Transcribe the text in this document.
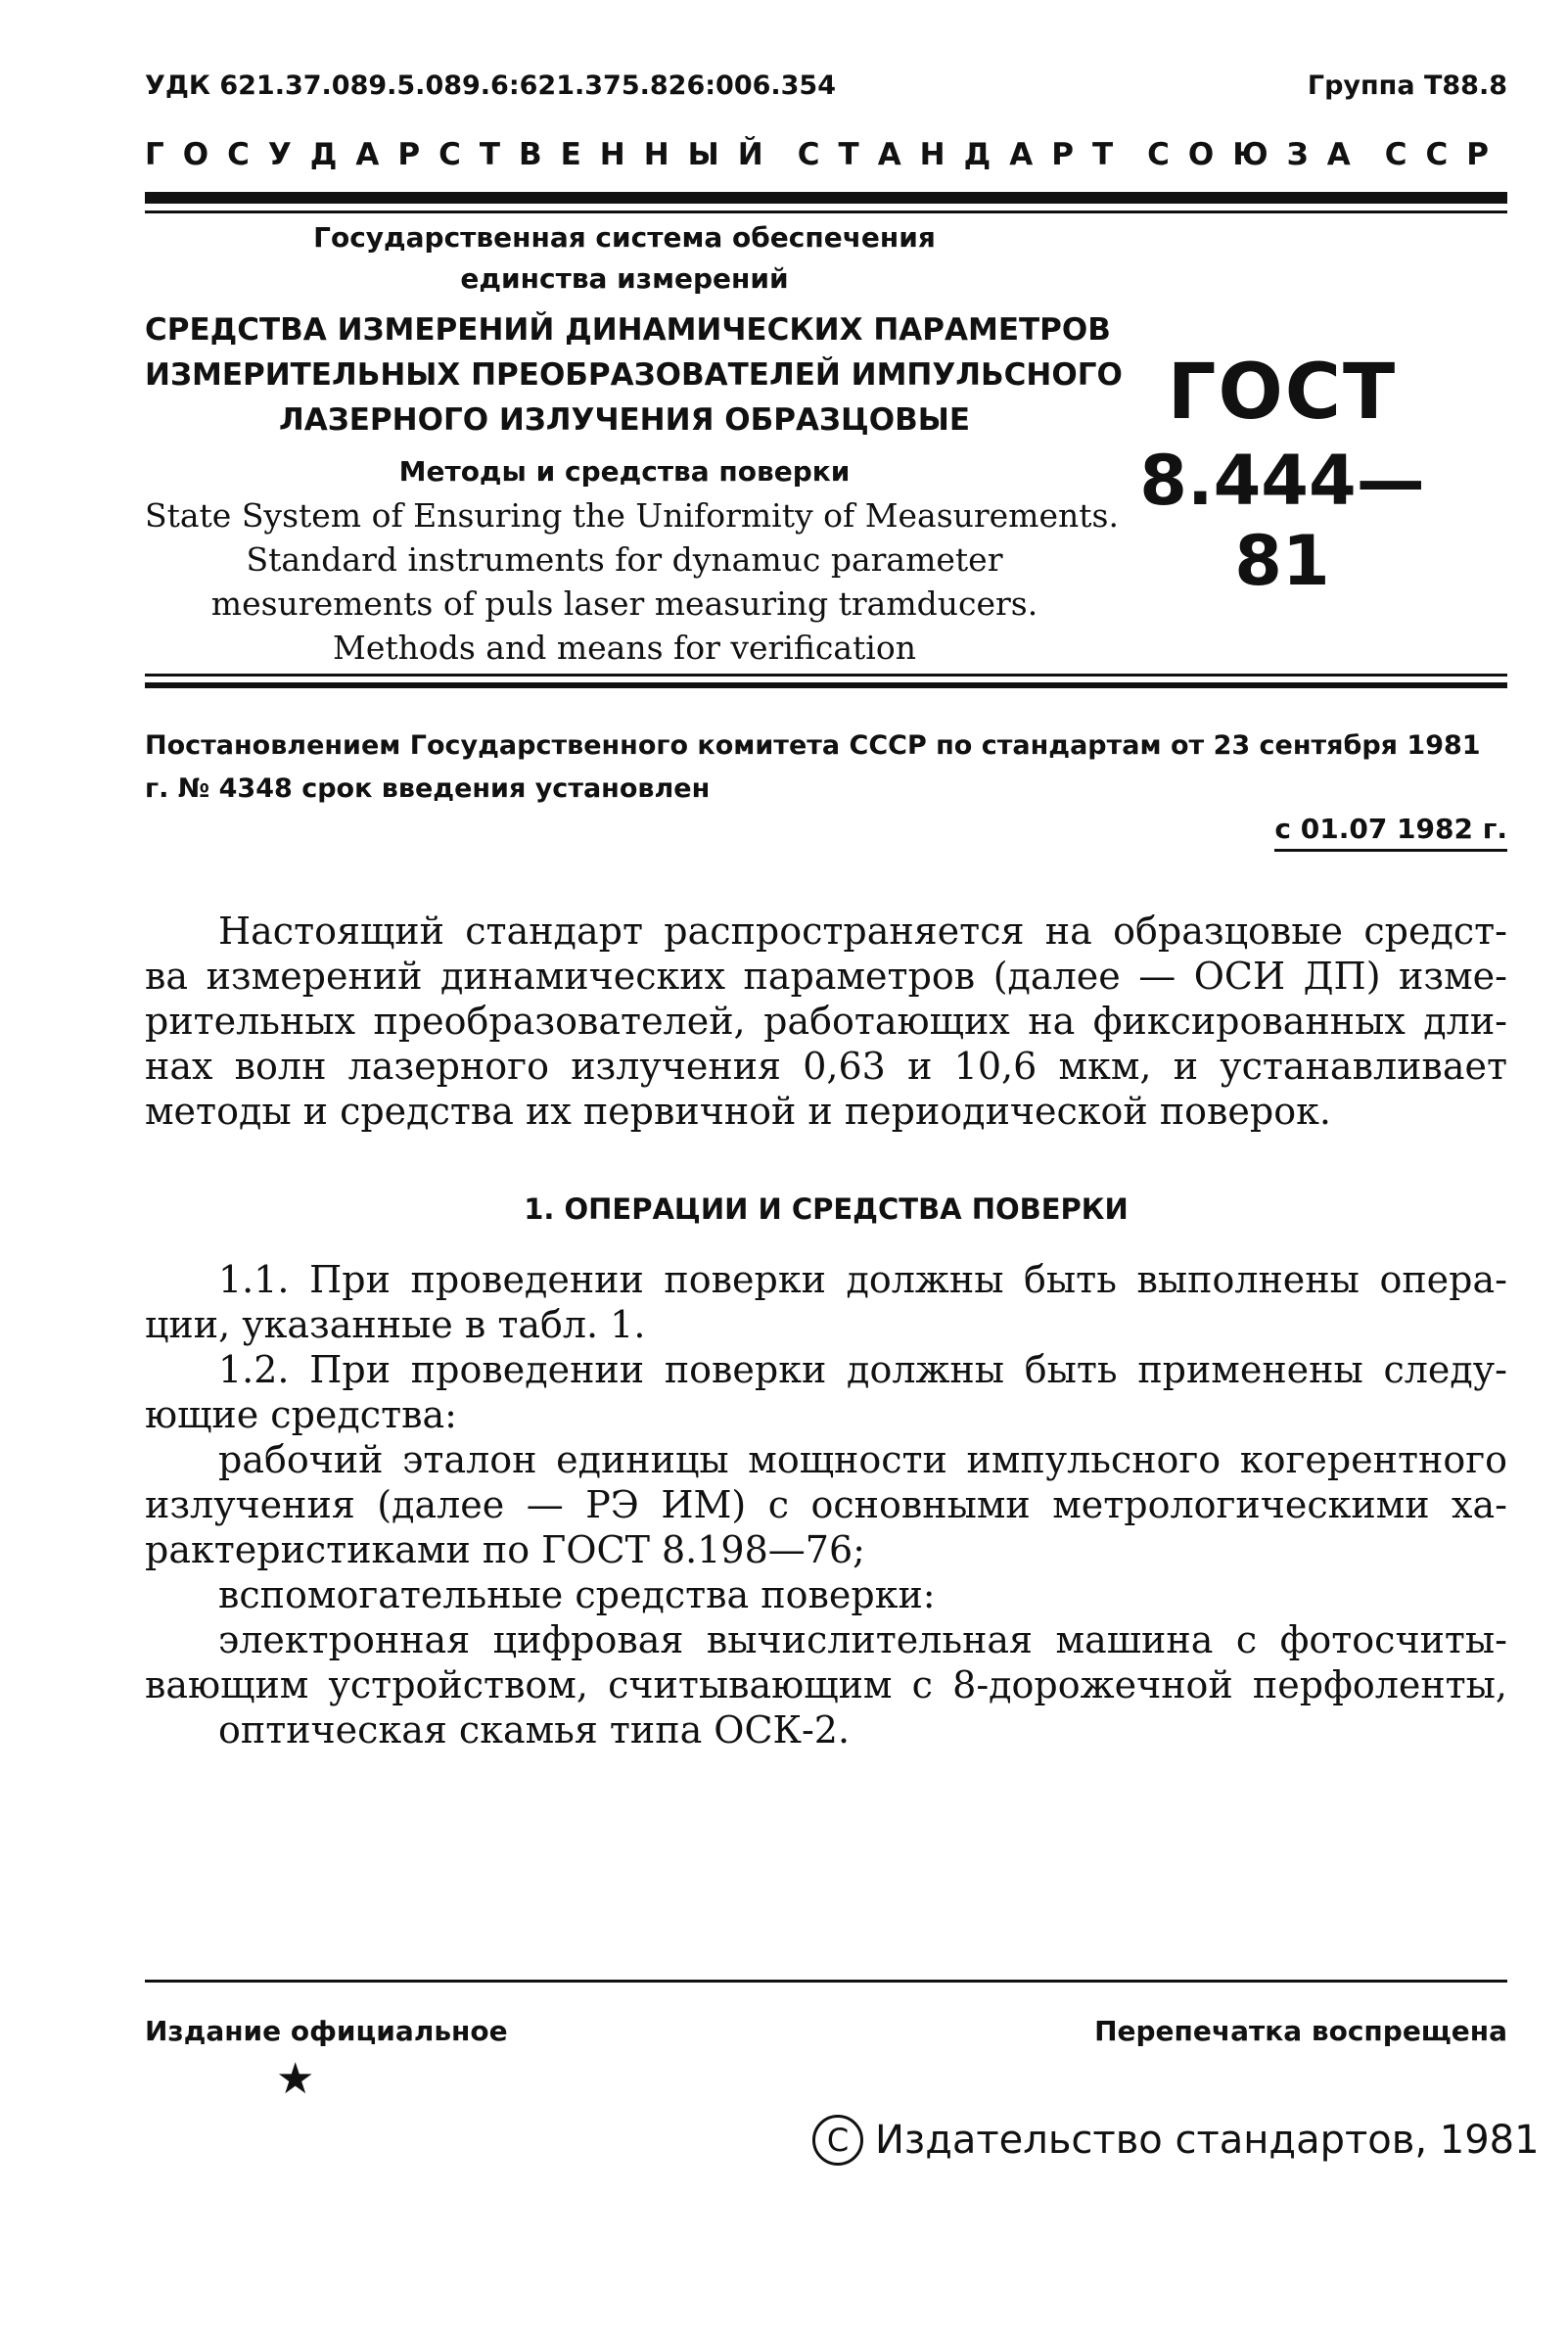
УДК 621.37.089.5.089.6:621.375.826:006.354	Группа Т88.8
ГОСУДАРСТВЕННЫЙ СТАНДАРТ СОЮЗА ССР
Государственная система обеспечения
единства измерений
СРЕДСТВА ИЗМЕРЕНИЙ ДИНАМИЧЕСКИХ ПАРАМЕТРОВ
ИЗМЕРИТЕЛЬНЫХ ПРЕОБРАЗОВАТЕЛЕЙ ИМПУЛЬСНОГО
ЛАЗЕРНОГО ИЗЛУЧЕНИЯ ОБРАЗЦОВЫЕ
Методы и средства поверки
State System of Ensuring the Uniformity of Measurements.
Standard instruments for dynamuc parameter
mesurements of puls laser measuring tramducers.
Methods and means for verification
ГОСТ
8.444—81
Постановлением Государственного комитета СССР по стандартам от 23 сентября 1981 г. № 4348 срок введения установлен
с 01.07 1982 г.
Настоящий стандарт распространяется на образцовые средст-
ва измерений динамических параметров (далее — ОСИ ДП) изме-
рительных преобразователей, работающих на фиксированных дли-
нах волн лазерного излучения 0,63 и 10,6 мкм, и устанавливает
методы и средства их первичной и периодической поверок.
1. ОПЕРАЦИИ И СРЕДСТВА ПОВЕРКИ
1.1. При проведении поверки должны быть выполнены опера-
ции, указанные в табл. 1.
1.2. При проведении поверки должны быть применены следу-
ющие средства:
рабочий эталон единицы мощности импульсного когерентного
излучения (далее — РЭ ИМ) с основными метрологическими ха-
рактеристиками по ГОСТ 8.198—76;
вспомогательные средства поверки:
электронная цифровая вычислительная машина с фотосчиты-
вающим устройством, считывающим с 8-дорожечной перфоленты,
оптическая скамья типа ОСК-2.
Издание официальное	Перепечатка воспрещена
★
C Издательство стандартов, 1981
